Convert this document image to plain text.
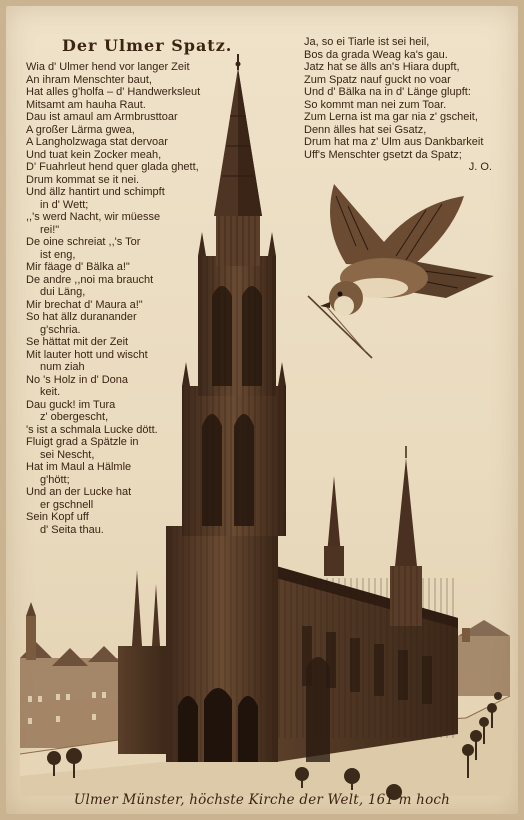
Der Ulmer Spatz.
Wia d' Ulmer hend vor langer Zeit
An ihram Menschter baut,
Hat alles g'holfa – d' Handwerksleut
Mitsamt am hauha Raut.
Dau ist amaul am Armbrusttoar
A großer Lärma gwea,
A Langholzwaga stat dervoar
Und tuat kein Zocker meah,
D' Fuahrleut hend quer glada ghett,
Drum kommat se it nei.
Und ällz hantirt und schimpft
in d' Wett;
,,'s werd Nacht, wir müesse
rei!"
De oine schreiat ,,'s Tor
ist eng,
Mir fäage d' Bälka a!"
De andre ,,noi ma braucht
dui Läng,
Mir brechat d' Maura a!"
So hat ällz duranander
g'schria.
Se hättat mit der Zeit
Mit lauter hott und wischt
num ziah
No 's Holz in d' Dona
keit.
Dau guck! im Tura
z' obergescht,
's ist a schmala Lucke dött.
Fluigt grad a Spätzle in
sei Nescht,
Hat im Maul a Hälmle
g'hött;
Und an der Lucke hat
er gschnell
Sein Kopf uff
d' Seita thau.
Ja, so ei Tiarle ist sei heil,
Bos da grada Weag ka's gau.
Jatz hat se älls an's Hiara dupft,
Zum Spatz nauf guckt no voar
Und d' Bälka na in d' Länge glupft:
So kommt man nei zum Toar.
Zum Lerna ist ma gar nia z' gscheit,
Denn älles hat sei Gsatz,
Drum hat ma z' Ulm aus Dankbarkeit
Uff's Menschter gsetzt da Spatz;
J. O.
Ulmer Münster, höchste Kirche der Welt, 161 m hoch
